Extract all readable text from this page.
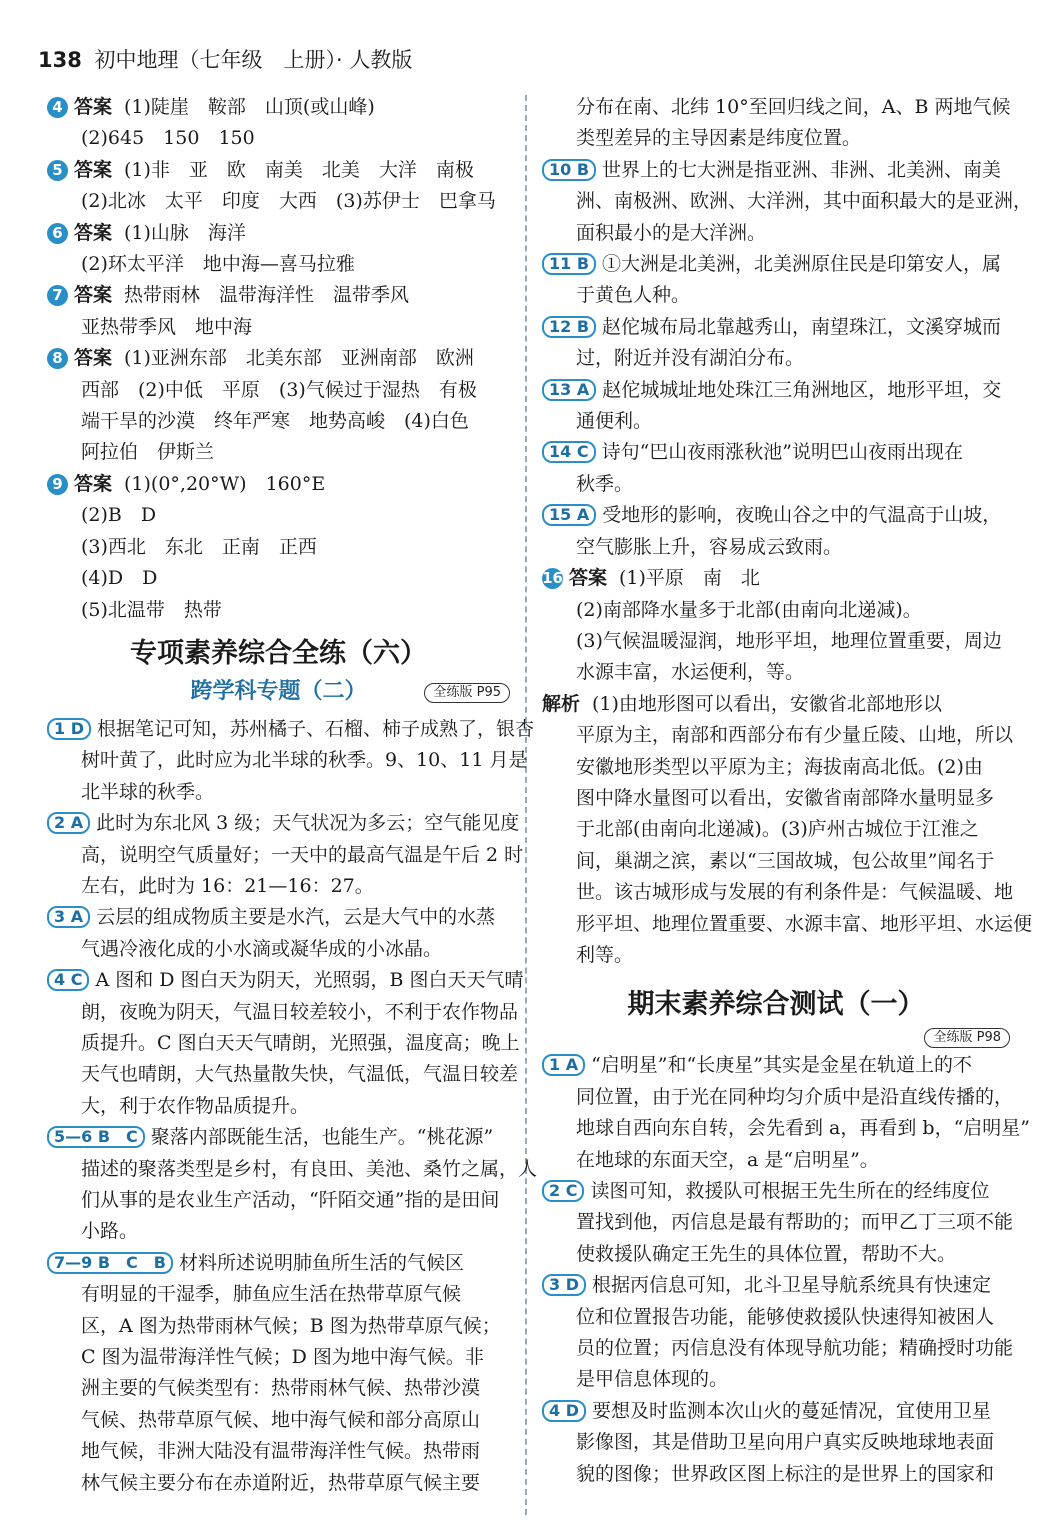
138 初中地理（七年级　上册）· 人教版
4 答案 (1)陡崖　鞍部　山顶(或山峰)
(2)645　150　150
5 答案 (1)非　亚　欧　南美　北美　大洋　南极
(2)北冰　太平　印度　大西　(3)苏伊士　巴拿马
6 答案 (1)山脉　海洋
(2)环太平洋　地中海—喜马拉雅
7 答案 热带雨林　温带海洋性　温带季风
亚热带季风　地中海
8 答案 (1)亚洲东部　北美东部　亚洲南部　欧洲
西部　(2)中低　平原　(3)气候过于湿热　有极
端干旱的沙漠　终年严寒　地势高峻　(4)白色
阿拉伯　伊斯兰
9 答案 (1)(0°,20°W)　160°E
(2)B　D
(3)西北　东北　正南　正西
(4)D　D
(5)北温带　热带
专项素养综合全练（六）
跨学科专题（二）	全练版 P95
1 D 根据笔记可知，苏州橘子、石榴、柿子成熟了，银杏
树叶黄了，此时应为北半球的秋季。9、10、11 月是
北半球的秋季。
2 A 此时为东北风 3 级；天气状况为多云；空气能见度
高，说明空气质量好；一天中的最高气温是午后 2 时
左右，此时为 16：21—16：27。
3 A 云层的组成物质主要是水汽，云是大气中的水蒸
气遇冷液化成的小水滴或凝华成的小冰晶。
4 C A 图和 D 图白天为阴天，光照弱，B 图白天天气晴
朗，夜晚为阴天，气温日较差较小，不利于农作物品
质提升。C 图白天天气晴朗，光照强，温度高；晚上
天气也晴朗，大气热量散失快，气温低，气温日较差
大，利于农作物品质提升。
5—6 B　C 聚落内部既能生活，也能生产。“桃花源”
描述的聚落类型是乡村，有良田、美池、桑竹之属，人
们从事的是农业生产活动，“阡陌交通”指的是田间
小路。
7—9 B　C　B 材料所述说明肺鱼所生活的气候区
有明显的干湿季，肺鱼应生活在热带草原气候
区，A 图为热带雨林气候；B 图为热带草原气候；
C 图为温带海洋性气候；D 图为地中海气候。非
洲主要的气候类型有：热带雨林气候、热带沙漠
气候、热带草原气候、地中海气候和部分高原山
地气候，非洲大陆没有温带海洋性气候。热带雨
林气候主要分布在赤道附近，热带草原气候主要
分布在南、北纬 10°至回归线之间，A、B 两地气候
类型差异的主导因素是纬度位置。
10 B 世界上的七大洲是指亚洲、非洲、北美洲、南美
洲、南极洲、欧洲、大洋洲，其中面积最大的是亚洲，
面积最小的是大洋洲。
11 B ①大洲是北美洲，北美洲原住民是印第安人，属
于黄色人种。
12 B 赵佗城布局北靠越秀山，南望珠江，文溪穿城而
过，附近并没有湖泊分布。
13 A 赵佗城城址地处珠江三角洲地区，地形平坦，交
通便利。
14 C 诗句“巴山夜雨涨秋池”说明巴山夜雨出现在
秋季。
15 A 受地形的影响，夜晚山谷之中的气温高于山坡，
空气膨胀上升，容易成云致雨。
16 答案 (1)平原　南　北
(2)南部降水量多于北部(由南向北递减)。
(3)气候温暖湿润，地形平坦，地理位置重要，周边
水源丰富，水运便利，等。
解析 (1)由地形图可以看出，安徽省北部地形以
平原为主，南部和西部分布有少量丘陵、山地，所以
安徽地形类型以平原为主；海拔南高北低。(2)由
图中降水量图可以看出，安徽省南部降水量明显多
于北部(由南向北递减)。(3)庐州古城位于江淮之
间，巢湖之滨，素以“三国故城，包公故里”闻名于
世。该古城形成与发展的有利条件是：气候温暖、地
形平坦、地理位置重要、水源丰富、地形平坦、水运便
利等。
期末素养综合测试（一）
全练版 P98
1 A “启明星”和“长庚星”其实是金星在轨道上的不
同位置，由于光在同种均匀介质中是沿直线传播的，
地球自西向东自转，会先看到 a，再看到 b，“启明星”
在地球的东面天空，a 是“启明星”。
2 C 读图可知，救援队可根据王先生所在的经纬度位
置找到他，丙信息是最有帮助的；而甲乙丁三项不能
使救援队确定王先生的具体位置，帮助不大。
3 D 根据丙信息可知，北斗卫星导航系统具有快速定
位和位置报告功能，能够使救援队快速得知被困人
员的位置；丙信息没有体现导航功能；精确授时功能
是甲信息体现的。
4 D 要想及时监测本次山火的蔓延情况，宜使用卫星
影像图，其是借助卫星向用户真实反映地球地表面
貌的图像；世界政区图上标注的是世界上的国家和
